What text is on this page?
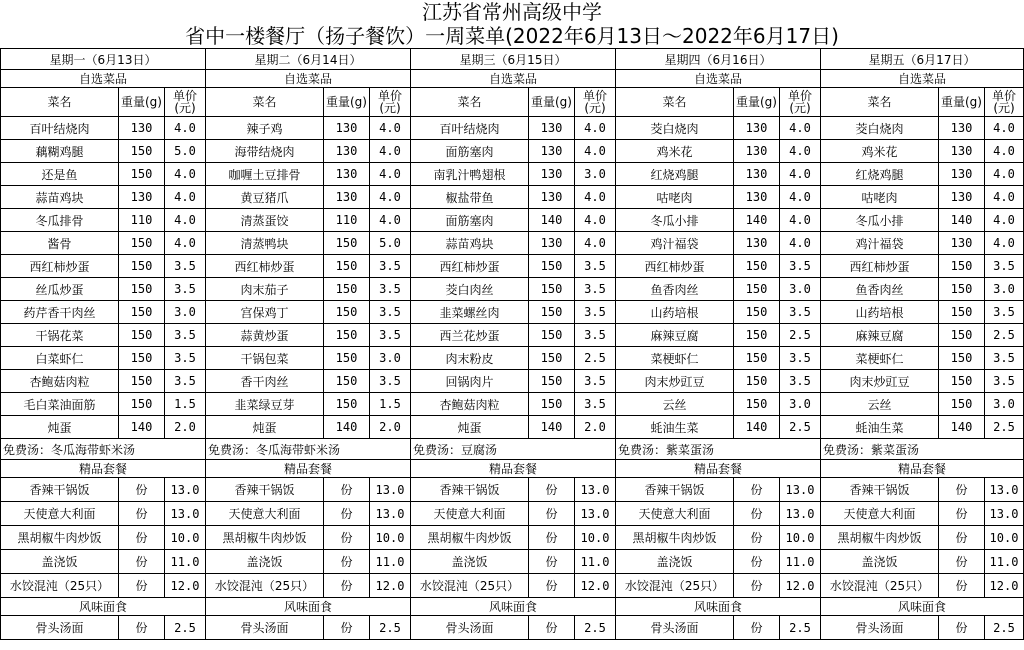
江苏省常州高级中学
省中一楼餐厅（扬子餐饮）一周菜单(2022年6月13日～2022年6月17日)
星期一（6月13日）			星期二（6月14日）			星期三（6月15日）			星期四（6月16日）			星期五（6月17日）		
自选菜品			自选菜品			自选菜品			自选菜品			自选菜品		
菜名	重量(g)	单价(元)	菜名	重量(g)	单价(元)	菜名	重量(g)	单价(元)	菜名	重量(g)	单价(元)	菜名	重量(g)	单价(元)
百叶结烧肉	130	4.0	辣子鸡	130	4.0	百叶结烧肉	130	4.0	茭白烧肉	130	4.0	茭白烧肉	130	4.0
藕糊鸡腿	150	5.0	海带结烧肉	130	4.0	面筋塞肉	130	4.0	鸡米花	130	4.0	鸡米花	130	4.0
还是鱼	150	4.0	咖喱土豆排骨	130	4.0	南乳汁鸭翅根	130	3.0	红烧鸡腿	130	4.0	红烧鸡腿	130	4.0
蒜苗鸡块	130	4.0	黄豆猪爪	130	4.0	椒盐带鱼	130	4.0	咕咾肉	130	4.0	咕咾肉	130	4.0
冬瓜排骨	110	4.0	清蒸蛋饺	110	4.0	面筋塞肉	140	4.0	冬瓜小排	140	4.0	冬瓜小排	140	4.0
酱骨	150	4.0	清蒸鸭块	150	5.0	蒜苗鸡块	130	4.0	鸡汁福袋	130	4.0	鸡汁福袋	130	4.0
西红柿炒蛋	150	3.5	西红柿炒蛋	150	3.5	西红柿炒蛋	150	3.5	西红柿炒蛋	150	3.5	西红柿炒蛋	150	3.5
丝瓜炒蛋	150	3.5	肉末茄子	150	3.5	茭白肉丝	150	3.5	鱼香肉丝	150	3.0	鱼香肉丝	150	3.0
药芹香干肉丝	150	3.0	宫保鸡丁	150	3.5	韭菜螺丝肉	150	3.5	山药培根	150	3.5	山药培根	150	3.5
干锅花菜	150	3.5	蒜黄炒蛋	150	3.5	西兰花炒蛋	150	3.5	麻辣豆腐	150	2.5	麻辣豆腐	150	2.5
白菜虾仁	150	3.5	干锅包菜	150	3.0	肉末粉皮	150	2.5	菜梗虾仁	150	3.5	菜梗虾仁	150	3.5
杏鲍菇肉粒	150	3.5	香干肉丝	150	3.5	回锅肉片	150	3.5	肉末炒豇豆	150	3.5	肉末炒豇豆	150	3.5
毛白菜油面筋	150	1.5	韭菜绿豆芽	150	1.5	杏鲍菇肉粒	150	3.5	云丝	150	3.0	云丝	150	3.0
炖蛋	140	2.0	炖蛋	140	2.0	炖蛋	140	2.0	蚝油生菜	140	2.5	蚝油生菜	140	2.5
免费汤：冬瓜海带虾米汤			免费汤：冬瓜海带虾米汤			免费汤：豆腐汤			免费汤：紫菜蛋汤			免费汤：紫菜蛋汤		
精品套餐			精品套餐			精品套餐			精品套餐			精品套餐		
香辣干锅饭	份	13.0	香辣干锅饭	份	13.0	香辣干锅饭	份	13.0	香辣干锅饭	份	13.0	香辣干锅饭	份	13.0
天使意大利面	份	13.0	天使意大利面	份	13.0	天使意大利面	份	13.0	天使意大利面	份	13.0	天使意大利面	份	13.0
黑胡椒牛肉炒饭	份	10.0	黑胡椒牛肉炒饭	份	10.0	黑胡椒牛肉炒饭	份	10.0	黑胡椒牛肉炒饭	份	10.0	黑胡椒牛肉炒饭	份	10.0
盖浇饭	份	11.0	盖浇饭	份	11.0	盖浇饭	份	11.0	盖浇饭	份	11.0	盖浇饭	份	11.0
水饺混沌（25只）	份	12.0	水饺混沌（25只）	份	12.0	水饺混沌（25只）	份	12.0	水饺混沌（25只）	份	12.0	水饺混沌（25只）	份	12.0
风味面食			风味面食			风味面食			风味面食			风味面食		
骨头汤面	份	2.5	骨头汤面	份	2.5	骨头汤面	份	2.5	骨头汤面	份	2.5	骨头汤面	份	2.5
